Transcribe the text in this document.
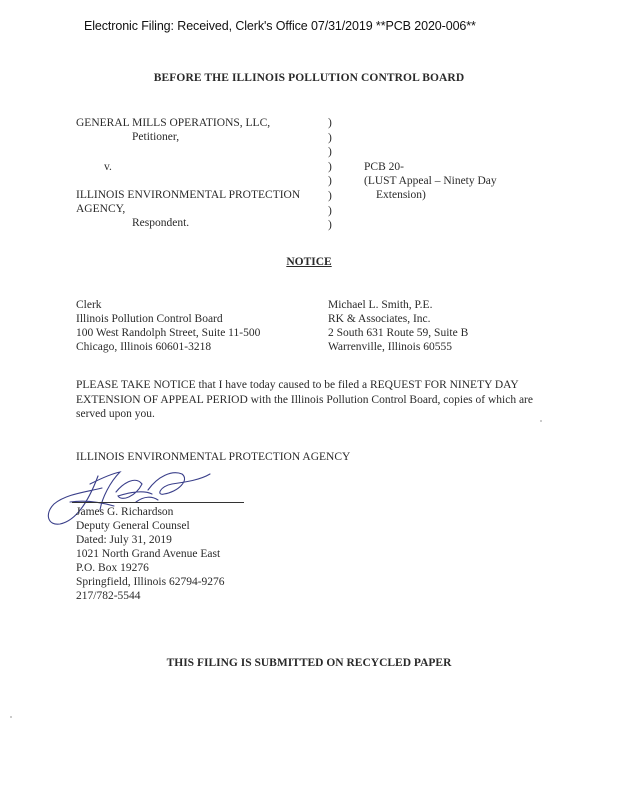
Electronic Filing: Received, Clerk's Office 07/31/2019 **PCB 2020-006**
BEFORE THE ILLINOIS POLLUTION CONTROL BOARD
GENERAL MILLS OPERATIONS, LLC,
Petitioner,
v.
ILLINOIS ENVIRONMENTAL PROTECTION
AGENCY,
Respondent.
)
)
)
)
)
)
)
)
PCB 20-
(LUST Appeal – Ninety Day
Extension)
NOTICE
Clerk
Illinois Pollution Control Board
100 West Randolph Street, Suite 11-500
Chicago, Illinois 60601-3218
Michael L. Smith, P.E.
RK & Associates, Inc.
2 South 631 Route 59, Suite B
Warrenville, Illinois 60555
PLEASE TAKE NOTICE that I have today caused to be filed a REQUEST FOR NINETY DAY EXTENSION OF APPEAL PERIOD with the Illinois Pollution Control Board, copies of which are served upon you.
ILLINOIS ENVIRONMENTAL PROTECTION AGENCY
James G. Richardson
Deputy General Counsel
Dated: July 31, 2019
1021 North Grand Avenue East
P.O. Box 19276
Springfield, Illinois 62794-9276
217/782-5544
THIS FILING IS SUBMITTED ON RECYCLED PAPER
